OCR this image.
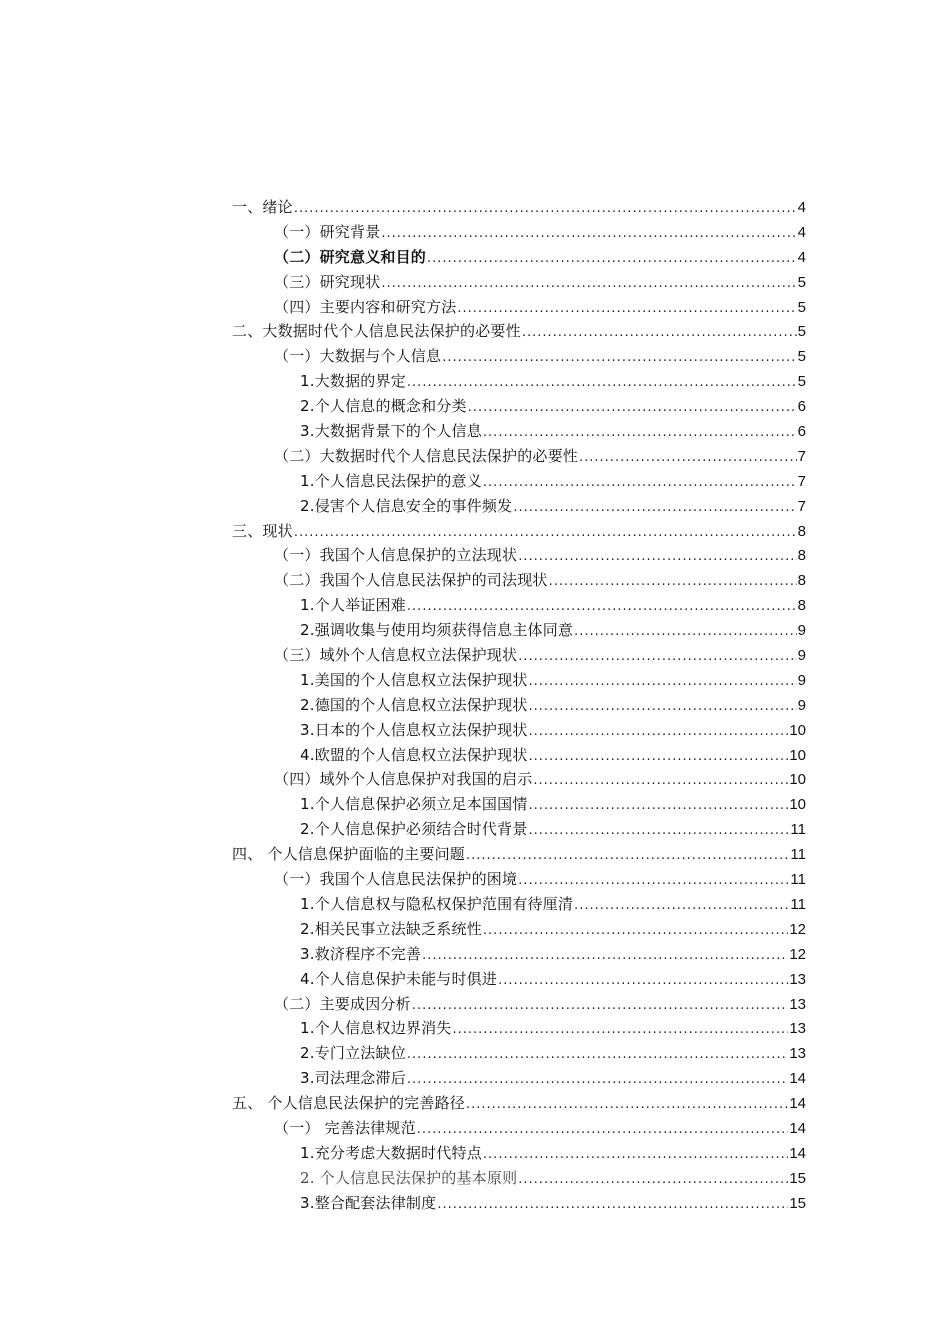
一、绪论 .....	4
（一）研究背景 .....	4
（二）研究意义和目的 .....	4
（三）研究现状 .....	5
（四）主要内容和研究方法 .....	5
二、大数据时代个人信息民法保护的必要性 .....	5
（一）大数据与个人信息 .....	5
1.大数据的界定 .....	5
2.个人信息的概念和分类 .....	6
3.大数据背景下的个人信息 .....	6
（二）大数据时代个人信息民法保护的必要性 .....	7
1.个人信息民法保护的意义 .....	7
2.侵害个人信息安全的事件频发 .....	7
三、现状 .....	8
（一）我国个人信息保护的立法现状 .....	8
（二）我国个人信息民法保护的司法现状 .....	8
1.个人举证困难 .....	8
2.强调收集与使用均须获得信息主体同意 .....	9
（三）域外个人信息权立法保护现状 .....	9
1.美国的个人信息权立法保护现状 .....	9
2.德国的个人信息权立法保护现状 .....	9
3.日本的个人信息权立法保护现状 .....	10
4.欧盟的个人信息权立法保护现状 .....	10
（四）域外个人信息保护对我国的启示 .....	10
1.个人信息保护必须立足本国国情 .....	10
2.个人信息保护必须结合时代背景 .....	11
四、 个人信息保护面临的主要问题 .....	11
（一）我国个人信息民法保护的困境 .....	11
1.个人信息权与隐私权保护范围有待厘清 .....	11
2.相关民事立法缺乏系统性 .....	12
3.救济程序不完善 .....	12
4.个人信息保护未能与时俱进 .....	13
（二）主要成因分析 .....	13
1.个人信息权边界消失 .....	13
2.专门立法缺位 .....	13
3.司法理念滞后 .....	14
五、 个人信息民法保护的完善路径 .....	14
（一） 完善法律规范 .....	14
1.充分考虑大数据时代特点 .....	14
2. 个人信息民法保护的基本原则 .....	15
3.整合配套法律制度 .....	15
